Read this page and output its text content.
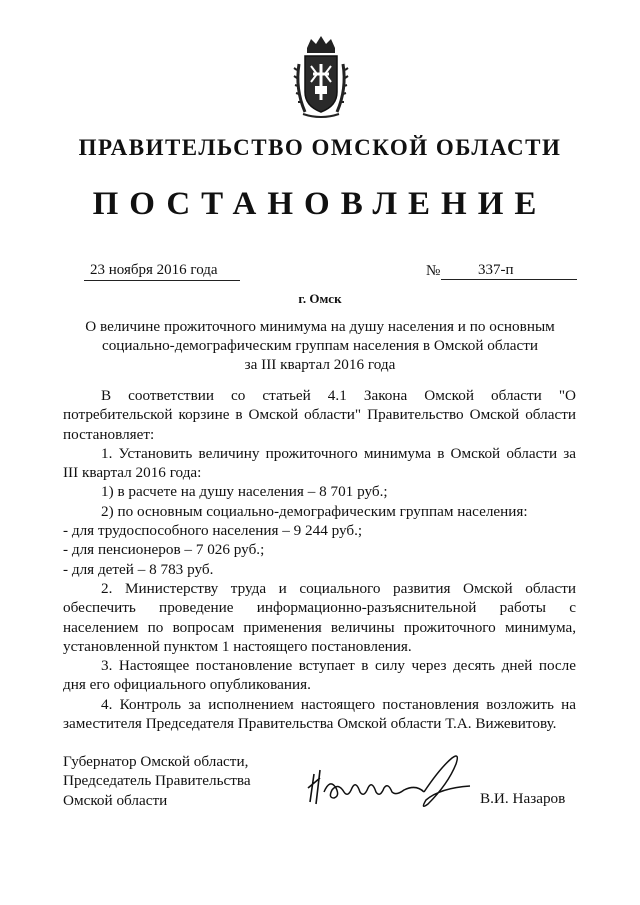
ПРАВИТЕЛЬСТВО ОМСКОЙ ОБЛАСТИ
ПОСТАНОВЛЕНИЕ
23 ноября 2016 года	№	337-п
г. Омск
О величине прожиточного минимума на душу населения и по основным
социально-демографическим группам населения в Омской области
за III квартал 2016 года

В соответствии со статьей 4.1 Закона Омской области "О потребительской корзине в Омской области" Правительство Омской области постановляет:

1. Установить величину прожиточного минимума в Омской области за III квартал 2016 года:

1) в расчете на душу населения – 8 701 руб.;

2) по основным социально-демографическим группам населения:

- для трудоспособного населения – 9 244 руб.;

- для пенсионеров – 7 026 руб.;

- для детей – 8 783 руб.

2. Министерству труда и социального развития Омской области обеспечить проведение информационно-разъяснительной работы с населением по вопросам применения величины прожиточного минимума, установленной пунктом 1 настоящего постановления.

3. Настоящее постановление вступает в силу через десять дней после дня его официального опубликования.

4. Контроль за исполнением настоящего постановления возложить на заместителя Председателя Правительства Омской области Т.А. Вижевитову.

Губернатор Омской области,
Председатель Правительства
Омской области	В.И. Назаров
